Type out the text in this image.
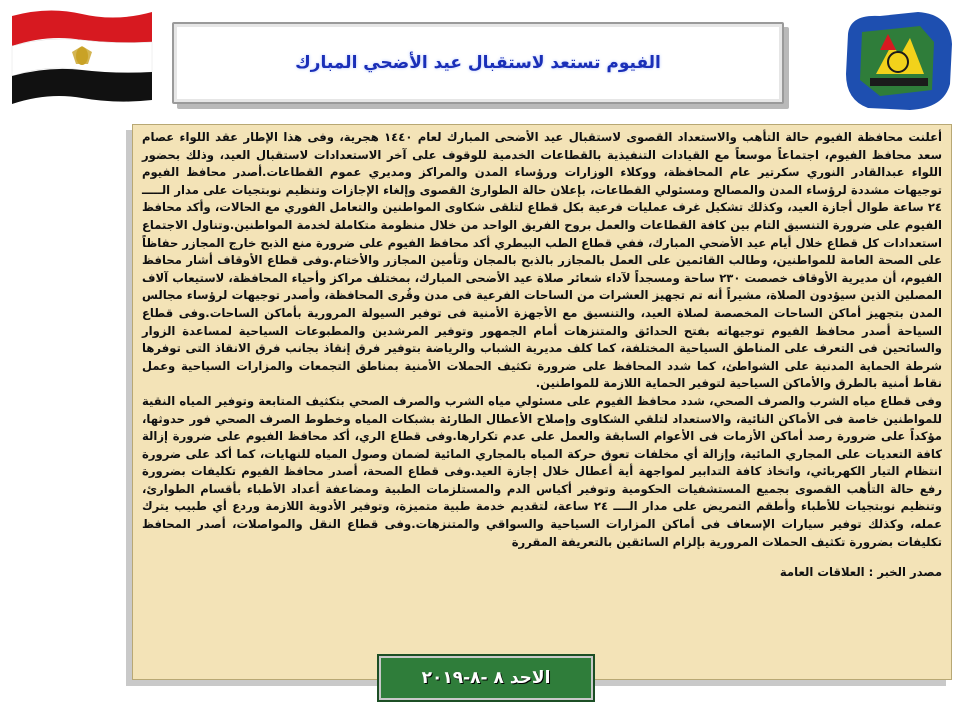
الفيوم تستعد لاستقبال عيد الأضحي المبارك

أعلنت محافظة الفيوم حالة التأهب والاستعداد القصوى لاستقبال عيد الأضحى المبارك لعام ١٤٤٠ هجرية، وفى هذا الإطار عقد اللواء عصام سعد محافظ الفيوم، اجتماعاً موسعاً مع القيادات التنفيذية بالقطاعات الخدمية للوقوف على آخر الاستعدادات لاستقبال العيد، وذلك بحضور اللواء عبدالقادر النوري سكرتير عام المحافظة، ووكلاء الوزارات ورؤساء المدن والمراكز ومديري عموم القطاعات.أصدر محافظ الفيوم توجيهات مشددة لرؤساء المدن والمصالح ومسئولي القطاعات، بإعلان حالة الطوارئ القصوى وإلغاء الإجازات وتنظيم نوبتجيات على مدار الـــــ ٢٤ ساعة طوال أجازة العيد، وكذلك تشكيل غرف عمليات فرعية بكل قطاع لتلقى شكاوى المواطنين والتعامل الفوري مع الحالات، وأكد محافظ الفيوم على ضرورة التنسيق التام بين كافة القطاعات والعمل بروح الفريق الواحد من خلال منظومة متكاملة لخدمة المواطنين.وتناول الاجتماع استعدادات كل قطاع خلال أيام عيد الأضحي المبارك، ففي قطاع الطب البيطري أكد محافظ الفيوم على ضرورة منع الذبح خارج المجازر حفاظاً على الصحة العامة للمواطنين، وطالب القائمين على العمل بالمجازر بالذبح بالمجان وتأمين المجازر والأختام.وفى قطاع الأوقاف أشار محافظ الفيوم، أن مديرية الأوقاف خصصت ٢٣٠ ساحة ومسجداً لآداء شعائر صلاة عيد الأضحى المبارك، بمختلف مراكز وأحياء المحافظة، لاستيعاب آلاف المصلين الذين سيؤدون الصلاة، مشيراً أنه تم تجهيز العشرات من الساحات الفرعية فى مدن وقُرى المحافظة، وأصدر توجيهات لرؤساء مجالس المدن بتجهيز أماكن الساحات المخصصة لصلاة العيد، والتنسيق مع الأجهزة الأمنية فى توفير السيولة المرورية بأماكن الساحات.وفى قطاع السياحة أصدر محافظ الفيوم توجيهاته بفتح الحدائق والمتنزهات أمام الجمهور وتوفير المرشدين والمطبوعات السياحية لمساعدة الزوار والسائحين فى التعرف على المناطق السياحية المختلفة، كما كلف مديرية الشباب والرياضة بتوفير فرق إنقاذ بجانب فرق الانقاذ التى توفرها شرطة الحماية المدنية على الشواطئ، كما شدد المحافظ على ضرورة تكثيف الحملات الأمنية بمناطق التجمعات والمزارات السياحية وعمل نقاط أمنية بالطرق والأماكن السياحية لتوفير الحماية اللازمة للمواطنين.

وفى قطاع مياه الشرب والصرف الصحي، شدد محافظ الفيوم على مسئولي مياه الشرب والصرف الصحي بتكثيف المتابعة وتوفير المياه النقية للمواطنين خاصة فى الأماكن النائية، والاستعداد لتلقي الشكاوى وإصلاح الأعطال الطارئة بشبكات المياه وخطوط الصرف الصحي فور حدوثها، مؤكداً على ضرورة رصد أماكن الأزمات فى الأعوام السابقة والعمل على عدم تكرارها.وفى قطاع الري، أكد محافظ الفيوم على ضرورة إزالة كافة التعديات على المجاري المائية، وإزالة أي مخلفات تعوق حركة المياه بالمجاري المائية لضمان وصول المياه للنهايات، كما أكد على ضرورة انتظام التيار الكهربائي، واتخاذ كافة التدابير لمواجهة أية أعطال خلال إجازة العيد.وفى قطاع الصحة، أصدر محافظ الفيوم تكليفات بضرورة رفع حالة التأهب القصوى بجميع المستشفيات الحكومية وتوفير أكياس الدم والمستلزمات الطبية ومضاعفة أعداد الأطباء بأقسام الطوارئ، وتنظيم نوبتجيات للأطباء وأطقم التمريض على مدار الــــ ٢٤ ساعة، لتقديم خدمة طبية متميزة، وتوفير الأدوية اللازمة وردع أي طبيب يترك عمله، وكذلك توفير سيارات الإسعاف فى أماكن المزارات السياحية والسواقي والمتنزهات.وفى قطاع النقل والمواصلات، أصدر المحافظ تكليفات بضرورة تكثيف الحملات المرورية بإلزام السائقين بالتعريفة المقررة

مصدر الخبر : العلاقات العامة
الاحد ٨ -٨-٢٠١٩
